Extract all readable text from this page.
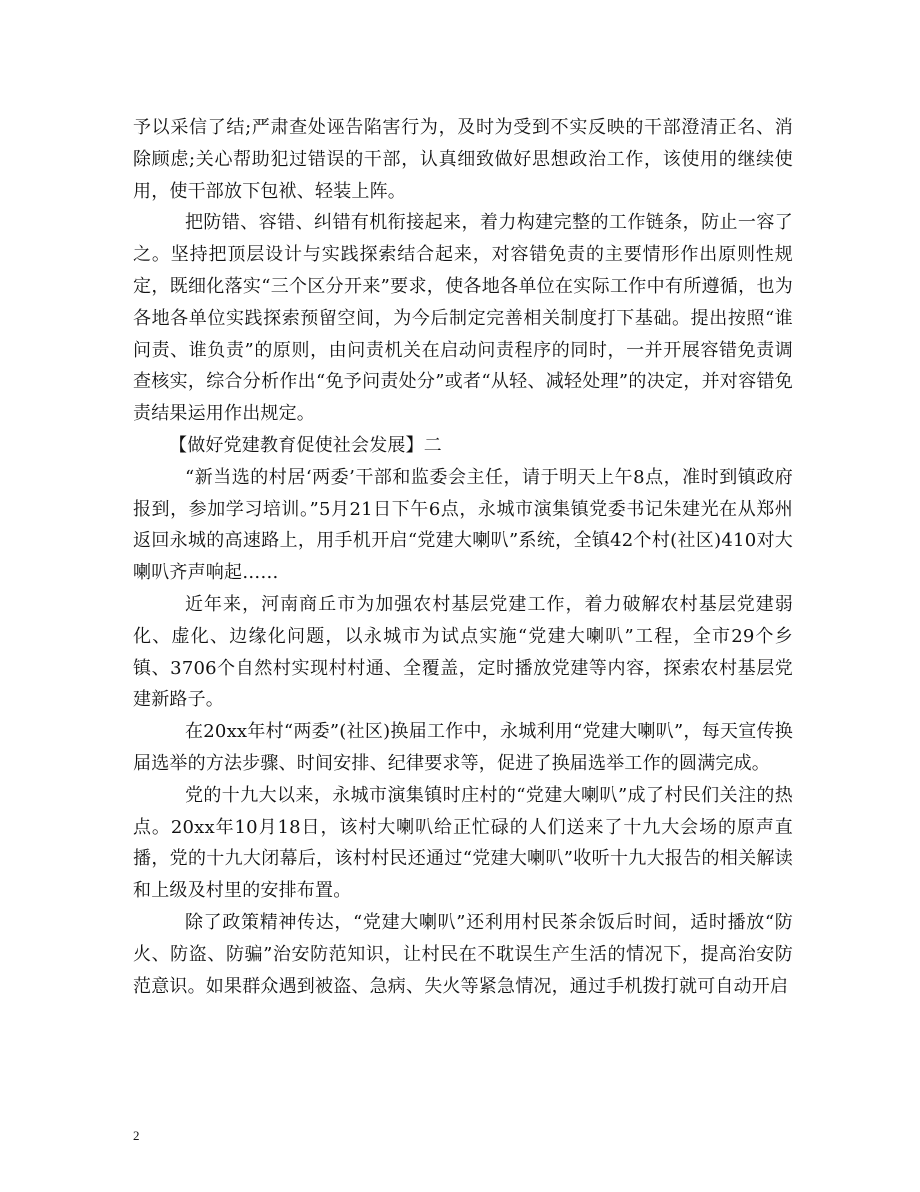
予以采信了结;严肃查处诬告陷害行为，及时为受到不实反映的干部澄清正名、消除顾虑;关心帮助犯过错误的干部，认真细致做好思想政治工作，该使用的继续使用，使干部放下包袱、轻装上阵。

把防错、容错、纠错有机衔接起来，着力构建完整的工作链条，防止一容了之。坚持把顶层设计与实践探索结合起来，对容错免责的主要情形作出原则性规定，既细化落实“三个区分开来”要求，使各地各单位在实际工作中有所遵循，也为各地各单位实践探索预留空间，为今后制定完善相关制度打下基础。提出按照“谁问责、谁负责”的原则，由问责机关在启动问责程序的同时，一并开展容错免责调查核实，综合分析作出“免予问责处分”或者“从轻、减轻处理”的决定，并对容错免责结果运用作出规定。

【做好党建教育促使社会发展】二

“新当选的村居‘两委’干部和监委会主任，请于明天上午8点，准时到镇政府报到，参加学习培训。”5月21日下午6点，永城市演集镇党委书记朱建光在从郑州返回永城的高速路上，用手机开启“党建大喇叭”系统，全镇42个村(社区)410对大喇叭齐声响起……

近年来，河南商丘市为加强农村基层党建工作，着力破解农村基层党建弱化、虚化、边缘化问题，以永城市为试点实施“党建大喇叭”工程，全市29个乡镇、3706个自然村实现村村通、全覆盖，定时播放党建等内容，探索农村基层党建新路子。

在20xx年村“两委”(社区)换届工作中，永城利用“党建大喇叭”，每天宣传换届选举的方法步骤、时间安排、纪律要求等，促进了换届选举工作的圆满完成。

党的十九大以来，永城市演集镇时庄村的“党建大喇叭”成了村民们关注的热点。20xx年10月18日，该村大喇叭给正忙碌的人们送来了十九大会场的原声直播，党的十九大闭幕后，该村村民还通过“党建大喇叭”收听十九大报告的相关解读和上级及村里的安排布置。

除了政策精神传达，“党建大喇叭”还利用村民茶余饭后时间，适时播放“防火、防盗、防骗”治安防范知识，让村民在不耽误生产生活的情况下，提高治安防范意识。如果群众遇到被盗、急病、失火等紧急情况，通过手机拨打就可自动开启

2
